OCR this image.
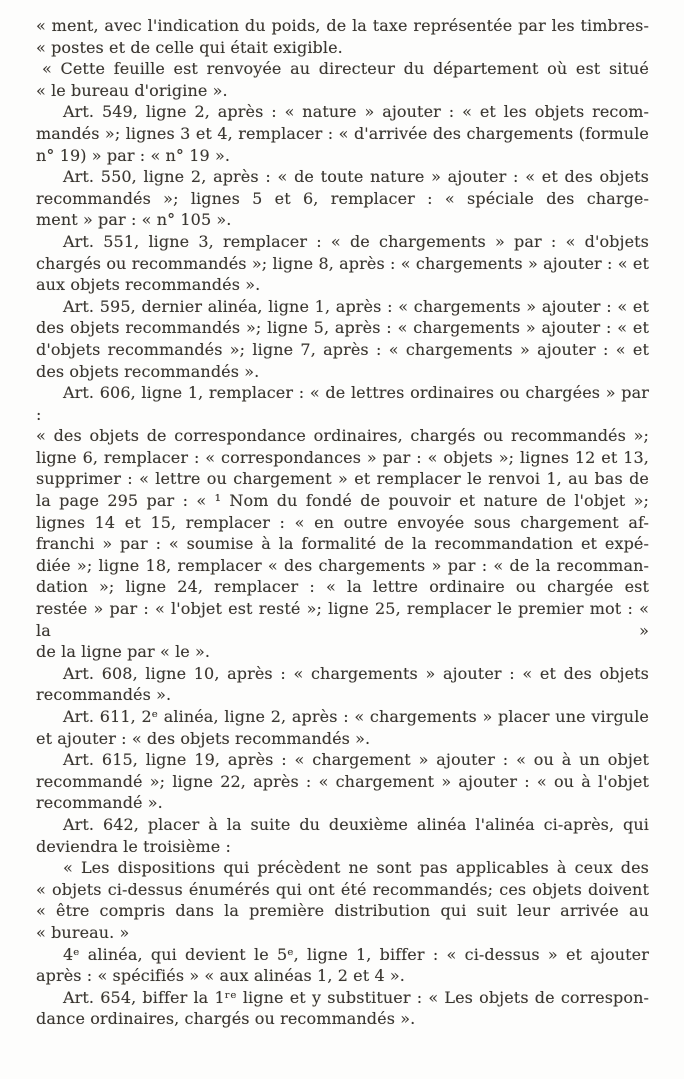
« ment, avec l'indication du poids, de la taxe représentée par les timbres-
« postes et de celle qui était exigible.
« Cette feuille est renvoyée au directeur du département où est situé
« le bureau d'origine ».
Art. 549, ligne 2, après : « nature » ajouter : « et les objets recom-
mandés »; lignes 3 et 4, remplacer : « d'arrivée des chargements (formule
n° 19) » par : « n° 19 ».
Art. 550, ligne 2, après : « de toute nature » ajouter : « et des objets
recommandés »; lignes 5 et 6, remplacer : « spéciale des charge-
ment » par : « n° 105 ».
Art. 551, ligne 3, remplacer : « de chargements » par : « d'objets
chargés ou recommandés »; ligne 8, après : « chargements » ajouter : « et
aux objets recommandés ».
Art. 595, dernier alinéa, ligne 1, après : « chargements » ajouter : « et
des objets recommandés »; ligne 5, après : « chargements » ajouter : « et
d'objets recommandés »; ligne 7, après : « chargements » ajouter : « et
des objets recommandés ».
Art. 606, ligne 1, remplacer : « de lettres ordinaires ou chargées » par :
« des objets de correspondance ordinaires, chargés ou recommandés »;
ligne 6, remplacer : « correspondances » par : « objets »; lignes 12 et 13,
supprimer : « lettre ou chargement » et remplacer le renvoi 1, au bas de
la page 295 par : « ¹ Nom du fondé de pouvoir et nature de l'objet »;
lignes 14 et 15, remplacer : « en outre envoyée sous chargement af-
franchi » par : « soumise à la formalité de la recommandation et expé-
diée »; ligne 18, remplacer « des chargements » par : « de la recomman-
dation »; ligne 24, remplacer : « la lettre ordinaire ou chargée est
restée » par : « l'objet est resté »; ligne 25, remplacer le premier mot : « la »
de la ligne par « le ».
Art. 608, ligne 10, après : « chargements » ajouter : « et des objets
recommandés ».
Art. 611, 2ᵉ alinéa, ligne 2, après : « chargements » placer une virgule
et ajouter : « des objets recommandés ».
Art. 615, ligne 19, après : « chargement » ajouter : « ou à un objet
recommandé »; ligne 22, après : « chargement » ajouter : « ou à l'objet
recommandé ».
Art. 642, placer à la suite du deuxième alinéa l'alinéa ci-après, qui
deviendra le troisième :
« Les dispositions qui précèdent ne sont pas applicables à ceux des
« objets ci-dessus énumérés qui ont été recommandés; ces objets doivent
« être compris dans la première distribution qui suit leur arrivée au
« bureau. »
4ᵉ alinéa, qui devient le 5ᵉ, ligne 1, biffer : « ci-dessus » et ajouter
après : « spécifiés » « aux alinéas 1, 2 et 4 ».
Art. 654, biffer la 1ʳᵉ ligne et y substituer : « Les objets de correspon-
dance ordinaires, chargés ou recommandés ».
